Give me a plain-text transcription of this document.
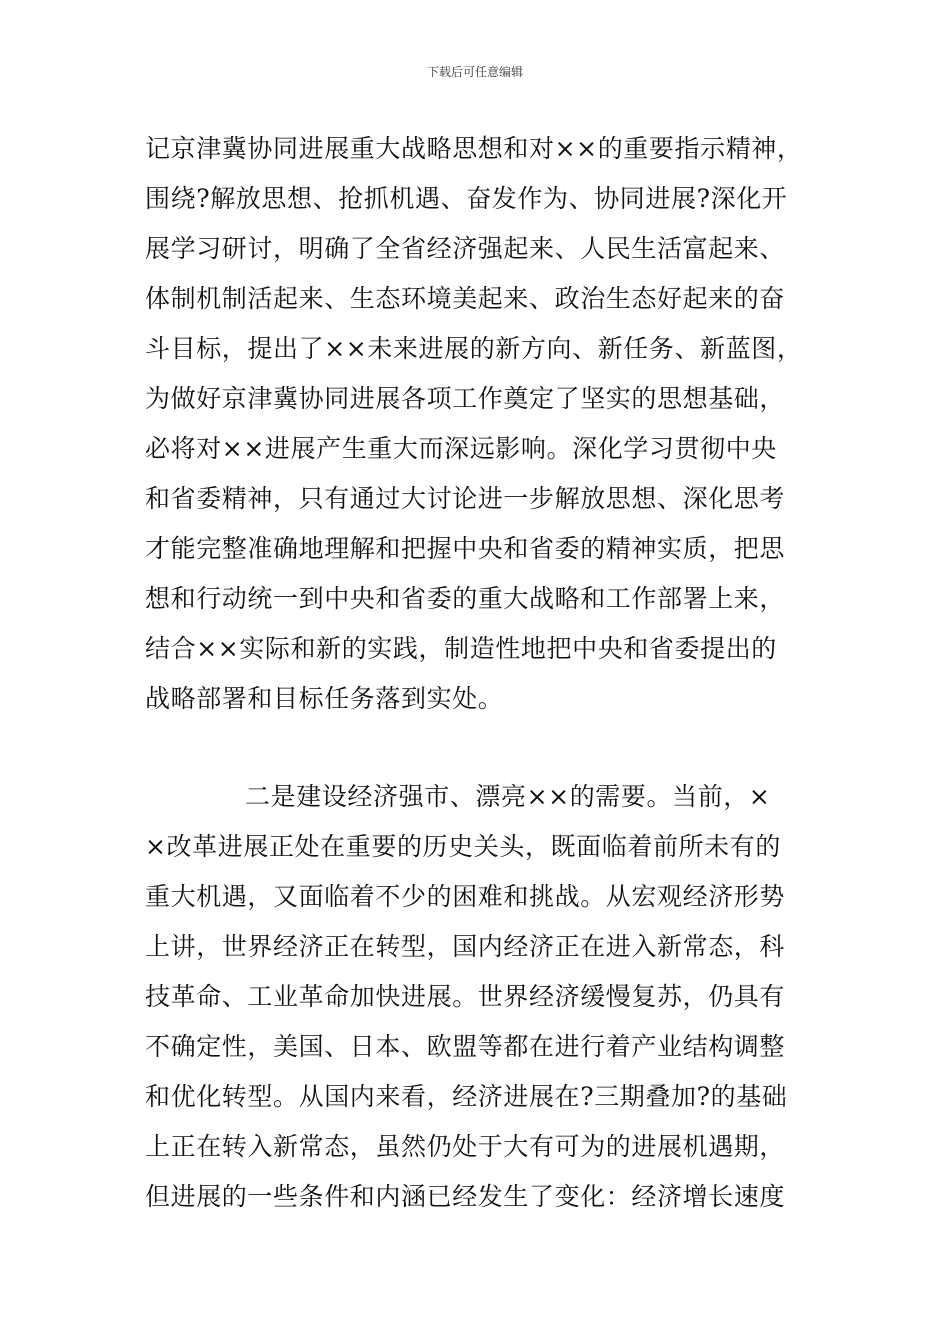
下载后可任意编辑
记京津冀协同进展重大战略思想和对××的重要指示精神，
围绕?解放思想、抢抓机遇、奋发作为、协同进展?深化开
展学习研讨，明确了全省经济强起来、人民生活富起来、
体制机制活起来、生态环境美起来、政治生态好起来的奋
斗目标，提出了××未来进展的新方向、新任务、新蓝图，
为做好京津冀协同进展各项工作奠定了坚实的思想基础，
必将对××进展产生重大而深远影响。深化学习贯彻中央
和省委精神，只有通过大讨论进一步解放思想、深化思考
才能完整准确地理解和把握中央和省委的精神实质，把思
想和行动统一到中央和省委的重大战略和工作部署上来，
结合××实际和新的实践，制造性地把中央和省委提出的
战略部署和目标任务落到实处。
二是建设经济强市、漂亮××的需要。当前，×
×改革进展正处在重要的历史关头，既面临着前所未有的
重大机遇，又面临着不少的困难和挑战。从宏观经济形势
上讲，世界经济正在转型，国内经济正在进入新常态，科
技革命、工业革命加快进展。世界经济缓慢复苏，仍具有
不确定性，美国、日本、欧盟等都在进行着产业结构调整
和优化转型。从国内来看，经济进展在?三期叠加?的基础
上正在转入新常态，虽然仍处于大有可为的进展机遇期，
但进展的一些条件和内涵已经发生了变化：经济增长速度
